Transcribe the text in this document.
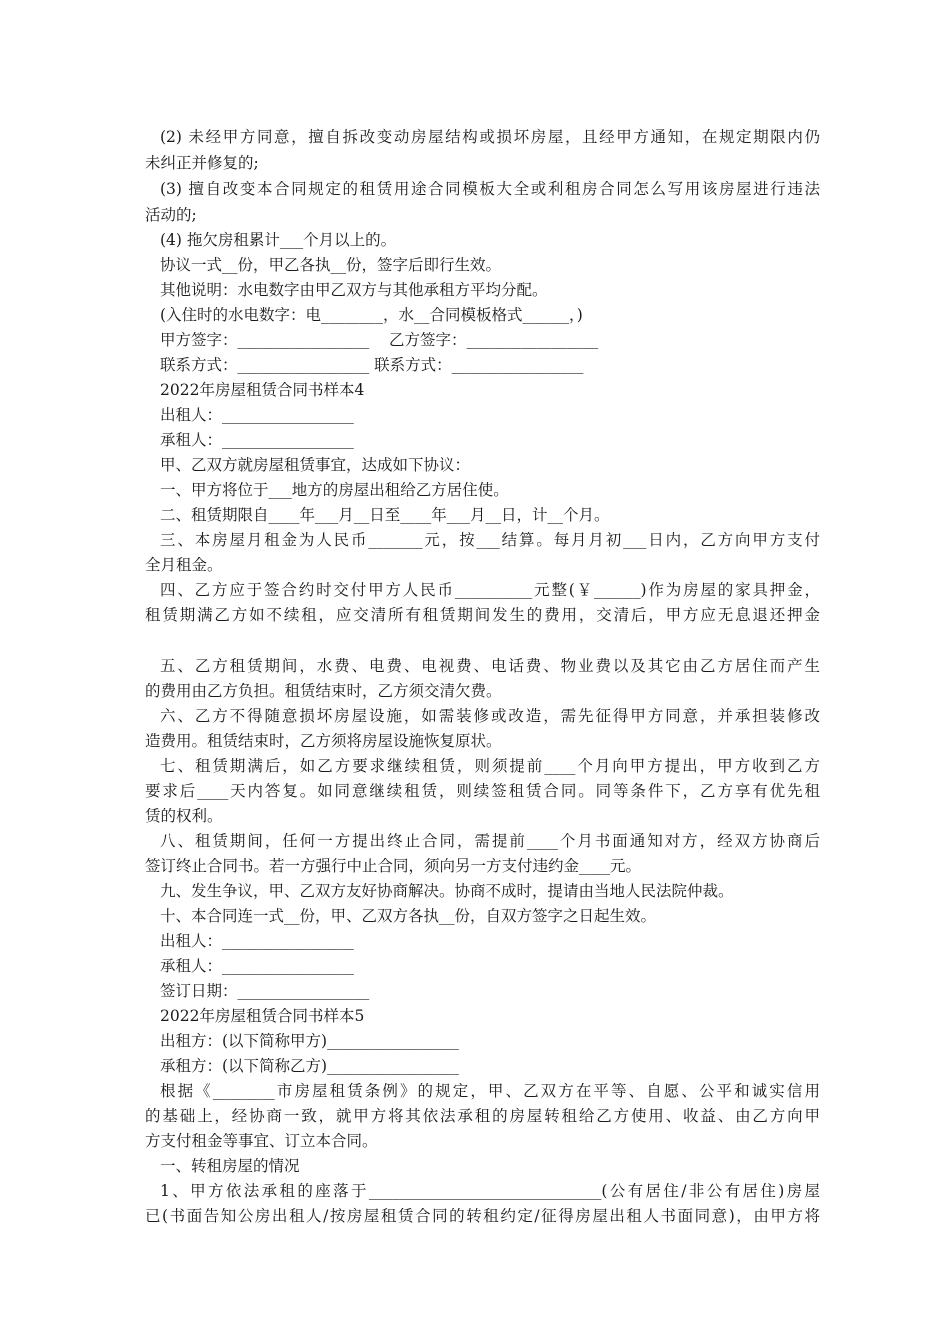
(2) 未经甲方同意，擅自拆改变动房屋结构或损坏房屋，且经甲方通知，在规定期限内仍
未纠正并修复的;
(3) 擅自改变本合同规定的租赁用途合同模板大全或利租房合同怎么写用该房屋进行违法
活动的;
(4) 拖欠房租累计___个月以上的。
协议一式__份，甲乙各执__份，签字后即行生效。
其他说明：水电数字由甲乙双方与其他承租方平均分配。
(入住时的水电数字：电________，水__合同模板格式______，)
甲方签字：_________________    乙方签字：_________________
联系方式：_________________ 联系方式：_________________
2022年房屋租赁合同书样本4
出租人：_________________
承租人：_________________
甲、乙双方就房屋租赁事宜，达成如下协议：
一、甲方将位于___地方的房屋出租给乙方居住使。
二、租赁期限自____年___月__日至____年___月__日，计__个月。
三、本房屋月租金为人民币_______元，按___结算。每月月初___日内，乙方向甲方支付
全月租金。
四、乙方应于签合约时交付甲方人民币__________元整(￥______)作为房屋的家具押金，
租赁期满乙方如不续租，应交清所有租赁期间发生的费用，交清后，甲方应无息退还押金
五、乙方租赁期间，水费、电费、电视费、电话费、物业费以及其它由乙方居住而产生
的费用由乙方负担。租赁结束时，乙方须交清欠费。
六、乙方不得随意损坏房屋设施，如需装修或改造，需先征得甲方同意，并承担装修改
造费用。租赁结束时，乙方须将房屋设施恢复原状。
七、租赁期满后，如乙方要求继续租赁，则须提前____个月向甲方提出，甲方收到乙方
要求后____天内答复。如同意继续租赁，则续签租赁合同。同等条件下，乙方享有优先租
赁的权利。
八、租赁期间，任何一方提出终止合同，需提前____个月书面通知对方，经双方协商后
签订终止合同书。若一方强行中止合同，须向另一方支付违约金____元。
九、发生争议，甲、乙双方友好协商解决。协商不成时，提请由当地人民法院仲裁。
十、本合同连一式__份，甲、乙双方各执__份，自双方签字之日起生效。
出租人：_________________
承租人：_________________
签订日期：_________________
2022年房屋租赁合同书样本5
出租方：(以下简称甲方)_________________
承租方：(以下简称乙方)_________________
根据《________市房屋租赁条例》的规定，甲、乙双方在平等、自愿、公平和诚实信用
的基础上，经协商一致，就甲方将其依法承租的房屋转租给乙方使用、收益、由乙方向甲
方支付租金等事宜、订立本合同。
一、转租房屋的情况
1、甲方依法承租的座落于______________________________(公有居住/非公有居住)房屋
已(书面告知公房出租人/按房屋租赁合同的转租约定/征得房屋出租人书面同意)，由甲方将
